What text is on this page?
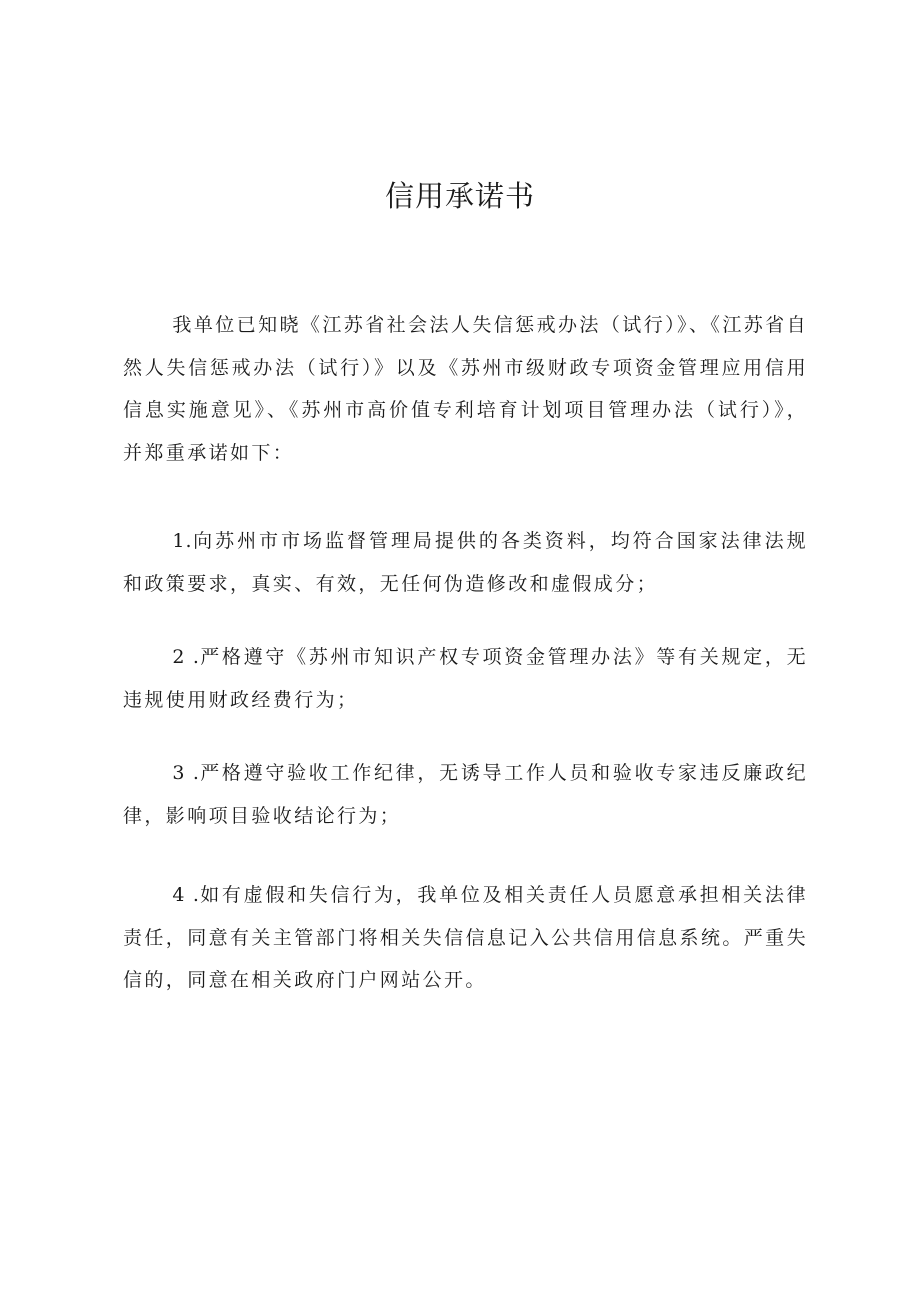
信用承诺书

我单位已知晓《江苏省社会法人失信惩戒办法（试行）》、《江苏省自然人失信惩戒办法（试行）》以及《苏州市级财政专项资金管理应用信用信息实施意见》、《苏州市高价值专利培育计划项目管理办法（试行）》，并郑重承诺如下：

1.向苏州市市场监督管理局提供的各类资料，均符合国家法律法规和政策要求，真实、有效，无任何伪造修改和虚假成分；

2 .严格遵守《苏州市知识产权专项资金管理办法》等有关规定，无违规使用财政经费行为；

3 .严格遵守验收工作纪律，无诱导工作人员和验收专家违反廉政纪律，影响项目验收结论行为；

4 .如有虚假和失信行为，我单位及相关责任人员愿意承担相关法律责任，同意有关主管部门将相关失信信息记入公共信用信息系统。严重失信的，同意在相关政府门户网站公开。
